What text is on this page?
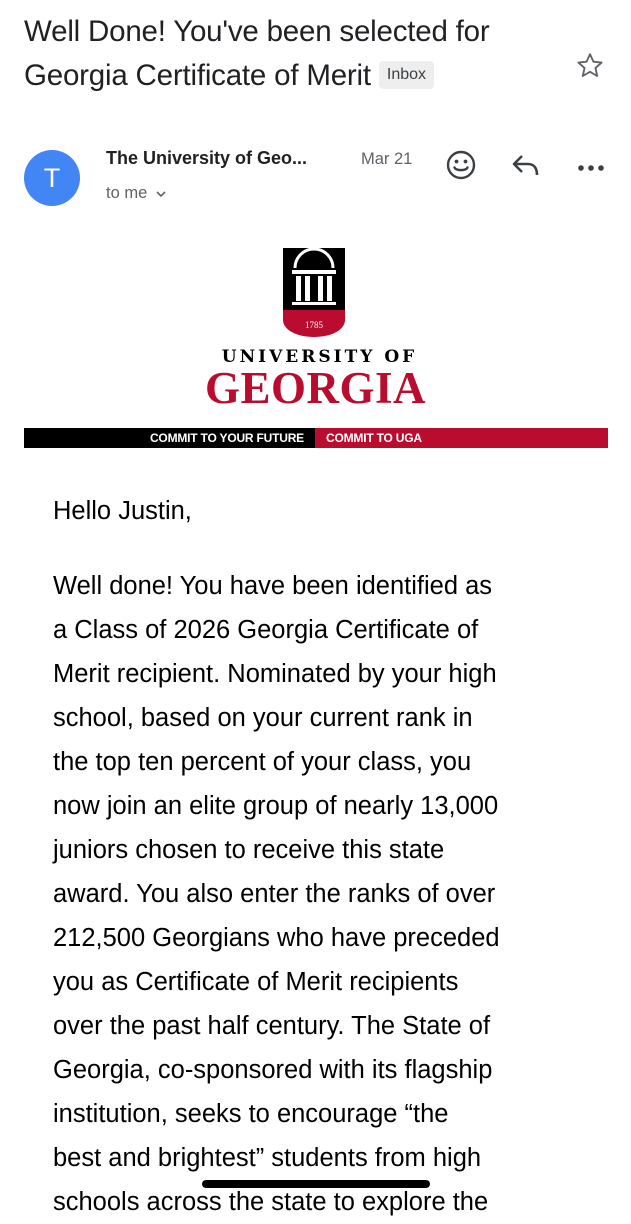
Well Done! You've been selected for
Georgia Certificate of Merit Inbox
T
The University of Geo...	Mar 21
to me
1785
UNIVERSITY OF
GEORGIA
COMMIT TO YOUR FUTURE	COMMIT TO UGA
Hello Justin,
Well done! You have been identified as
a Class of 2026 Georgia Certificate of
Merit recipient. Nominated by your high
school, based on your current rank in
the top ten percent of your class, you
now join an elite group of nearly 13,000
juniors chosen to receive this state
award. You also enter the ranks of over
212,500 Georgians who have preceded
you as Certificate of Merit recipients
over the past half century. The State of
Georgia, co-sponsored with its flagship
institution, seeks to encourage “the
best and brightest” students from high
schools across the state to explore the
